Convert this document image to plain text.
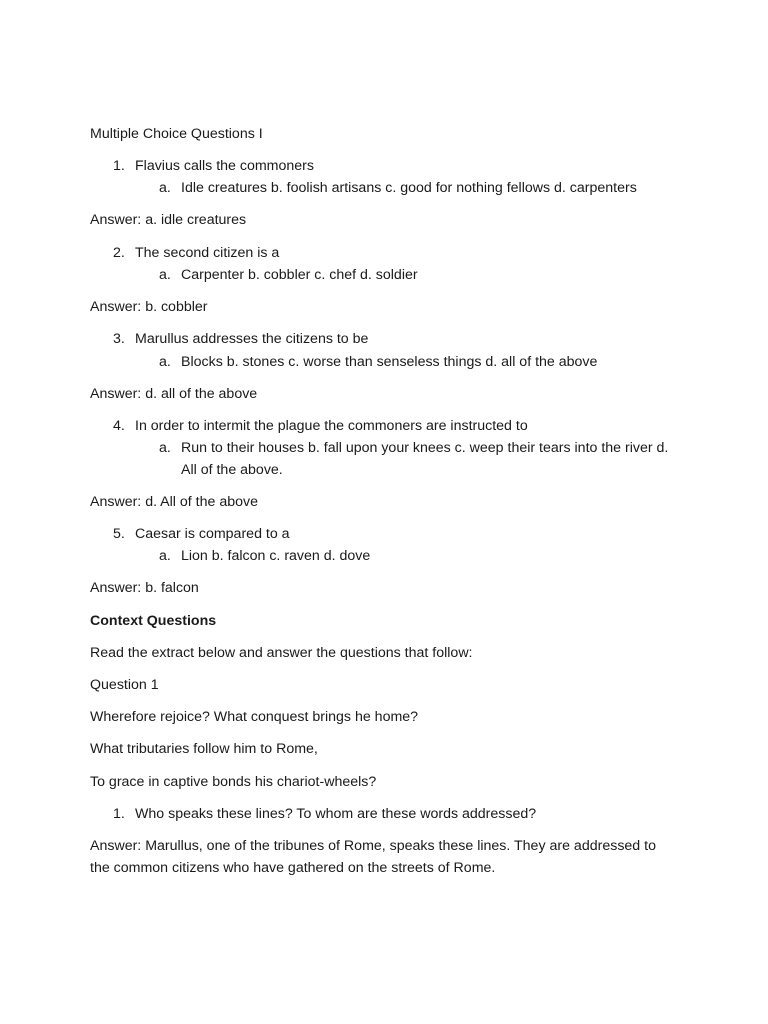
Multiple Choice Questions I
1. Flavius calls the commoners
a. Idle creatures b. foolish artisans c. good for nothing fellows d. carpenters
Answer: a. idle creatures
2. The second citizen is a
a. Carpenter b. cobbler c. chef d. soldier
Answer: b. cobbler
3. Marullus addresses the citizens to be
a. Blocks b. stones c. worse than senseless things d. all of the above
Answer: d. all of the above
4. In order to intermit the plague the commoners are instructed to
a. Run to their houses b. fall upon your knees c. weep their tears into the river d.
All of the above.
Answer: d. All of the above
5. Caesar is compared to a
a. Lion b. falcon c. raven d. dove
Answer: b. falcon
Context Questions
Read the extract below and answer the questions that follow:
Question 1
Wherefore rejoice? What conquest brings he home?
What tributaries follow him to Rome,
To grace in captive bonds his chariot-wheels?
1. Who speaks these lines? To whom are these words addressed?
Answer: Marullus, one of the tribunes of Rome, speaks these lines. They are addressed to
the common citizens who have gathered on the streets of Rome.
